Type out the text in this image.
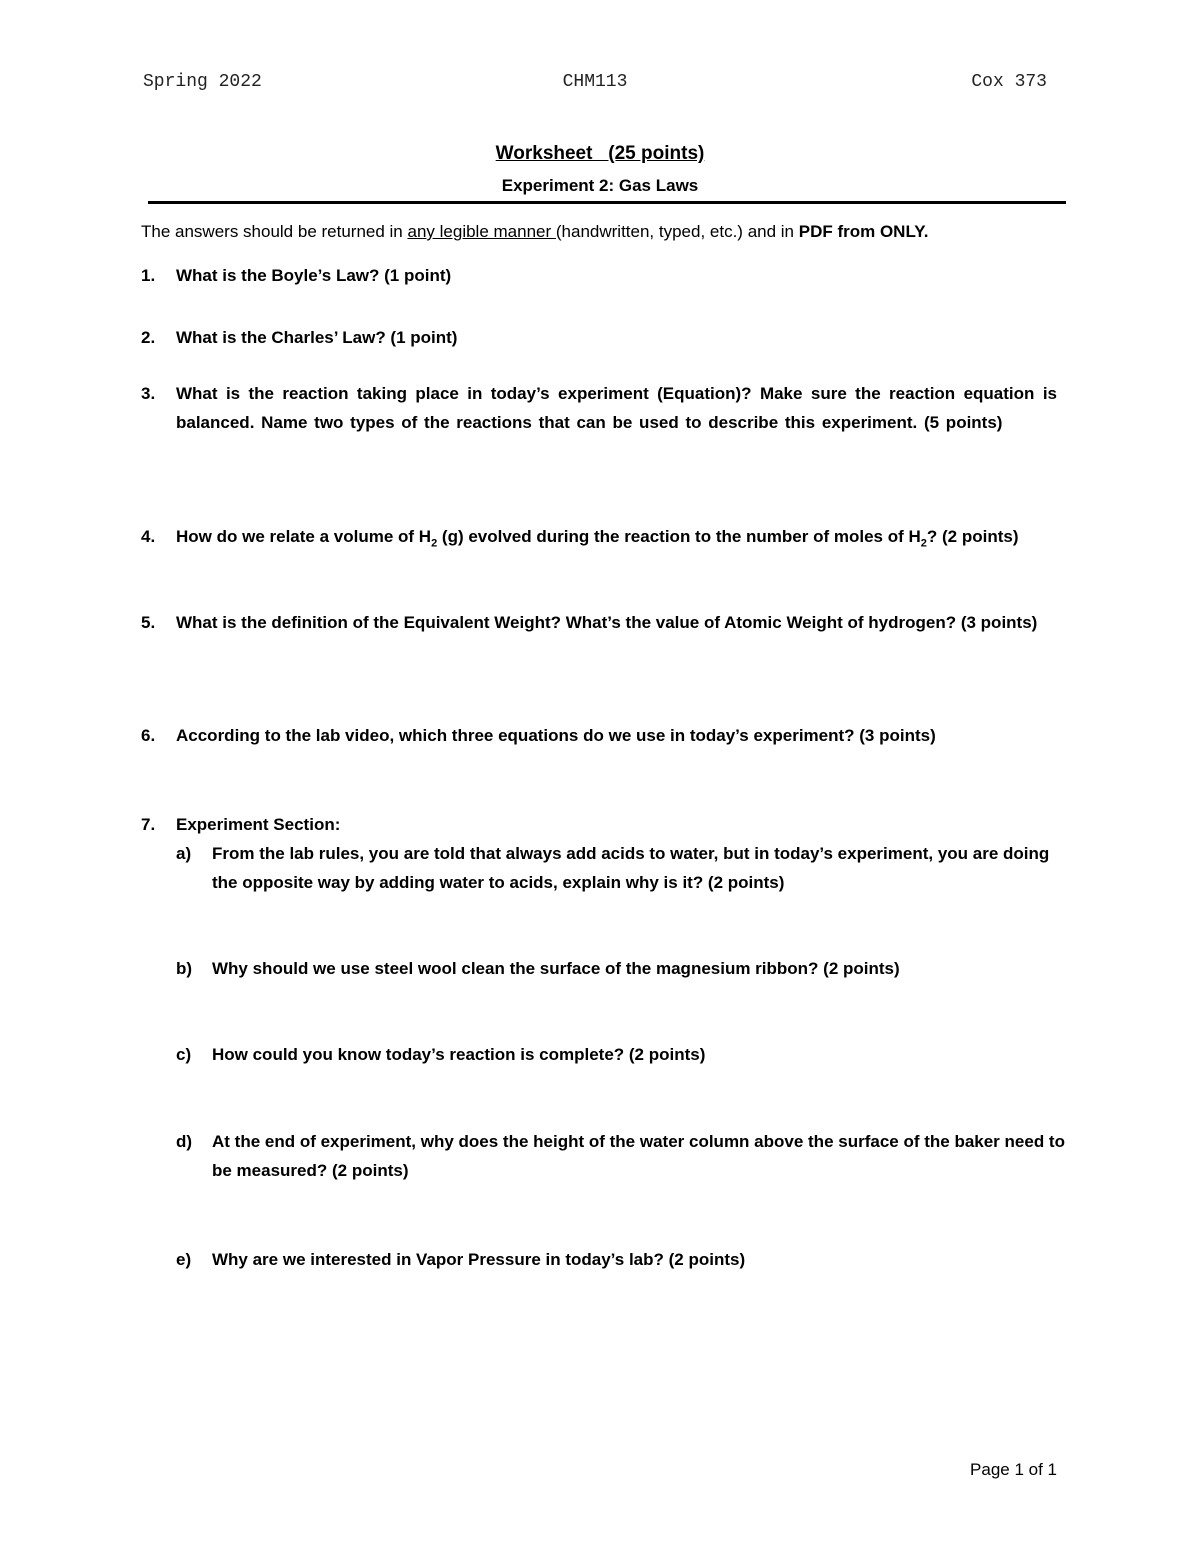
Spring 2022	CHM113	Cox 373
Worksheet   (25 points)
Experiment 2: Gas Laws
The answers should be returned in any legible manner (handwritten, typed, etc.) and in PDF from ONLY.
1. What is the Boyle’s Law? (1 point)
2. What is the Charles’ Law? (1 point)
3. What is the reaction taking place in today’s experiment (Equation)? Make sure the reaction equation is balanced. Name two types of the reactions that can be used to describe this experiment. (5 points)
4. How do we relate a volume of $H_2$ (g) evolved during the reaction to the number of moles of $H_2$? (2 points)
5. What is the definition of the Equivalent Weight? What’s the value of Atomic Weight of hydrogen? (3 points)
6. According to the lab video, which three equations do we use in today’s experiment? (3 points)
7. Experiment Section:
a) From the lab rules, you are told that always add acids to water, but in today’s experiment, you are doing the opposite way by adding water to acids, explain why is it? (2 points)
b) Why should we use steel wool clean the surface of the magnesium ribbon? (2 points)
c) How could you know today’s reaction is complete? (2 points)
d) At the end of experiment, why does the height of the water column above the surface of the baker need to be measured? (2 points)
e) Why are we interested in Vapor Pressure in today’s lab? (2 points)
Page 1 of 1
